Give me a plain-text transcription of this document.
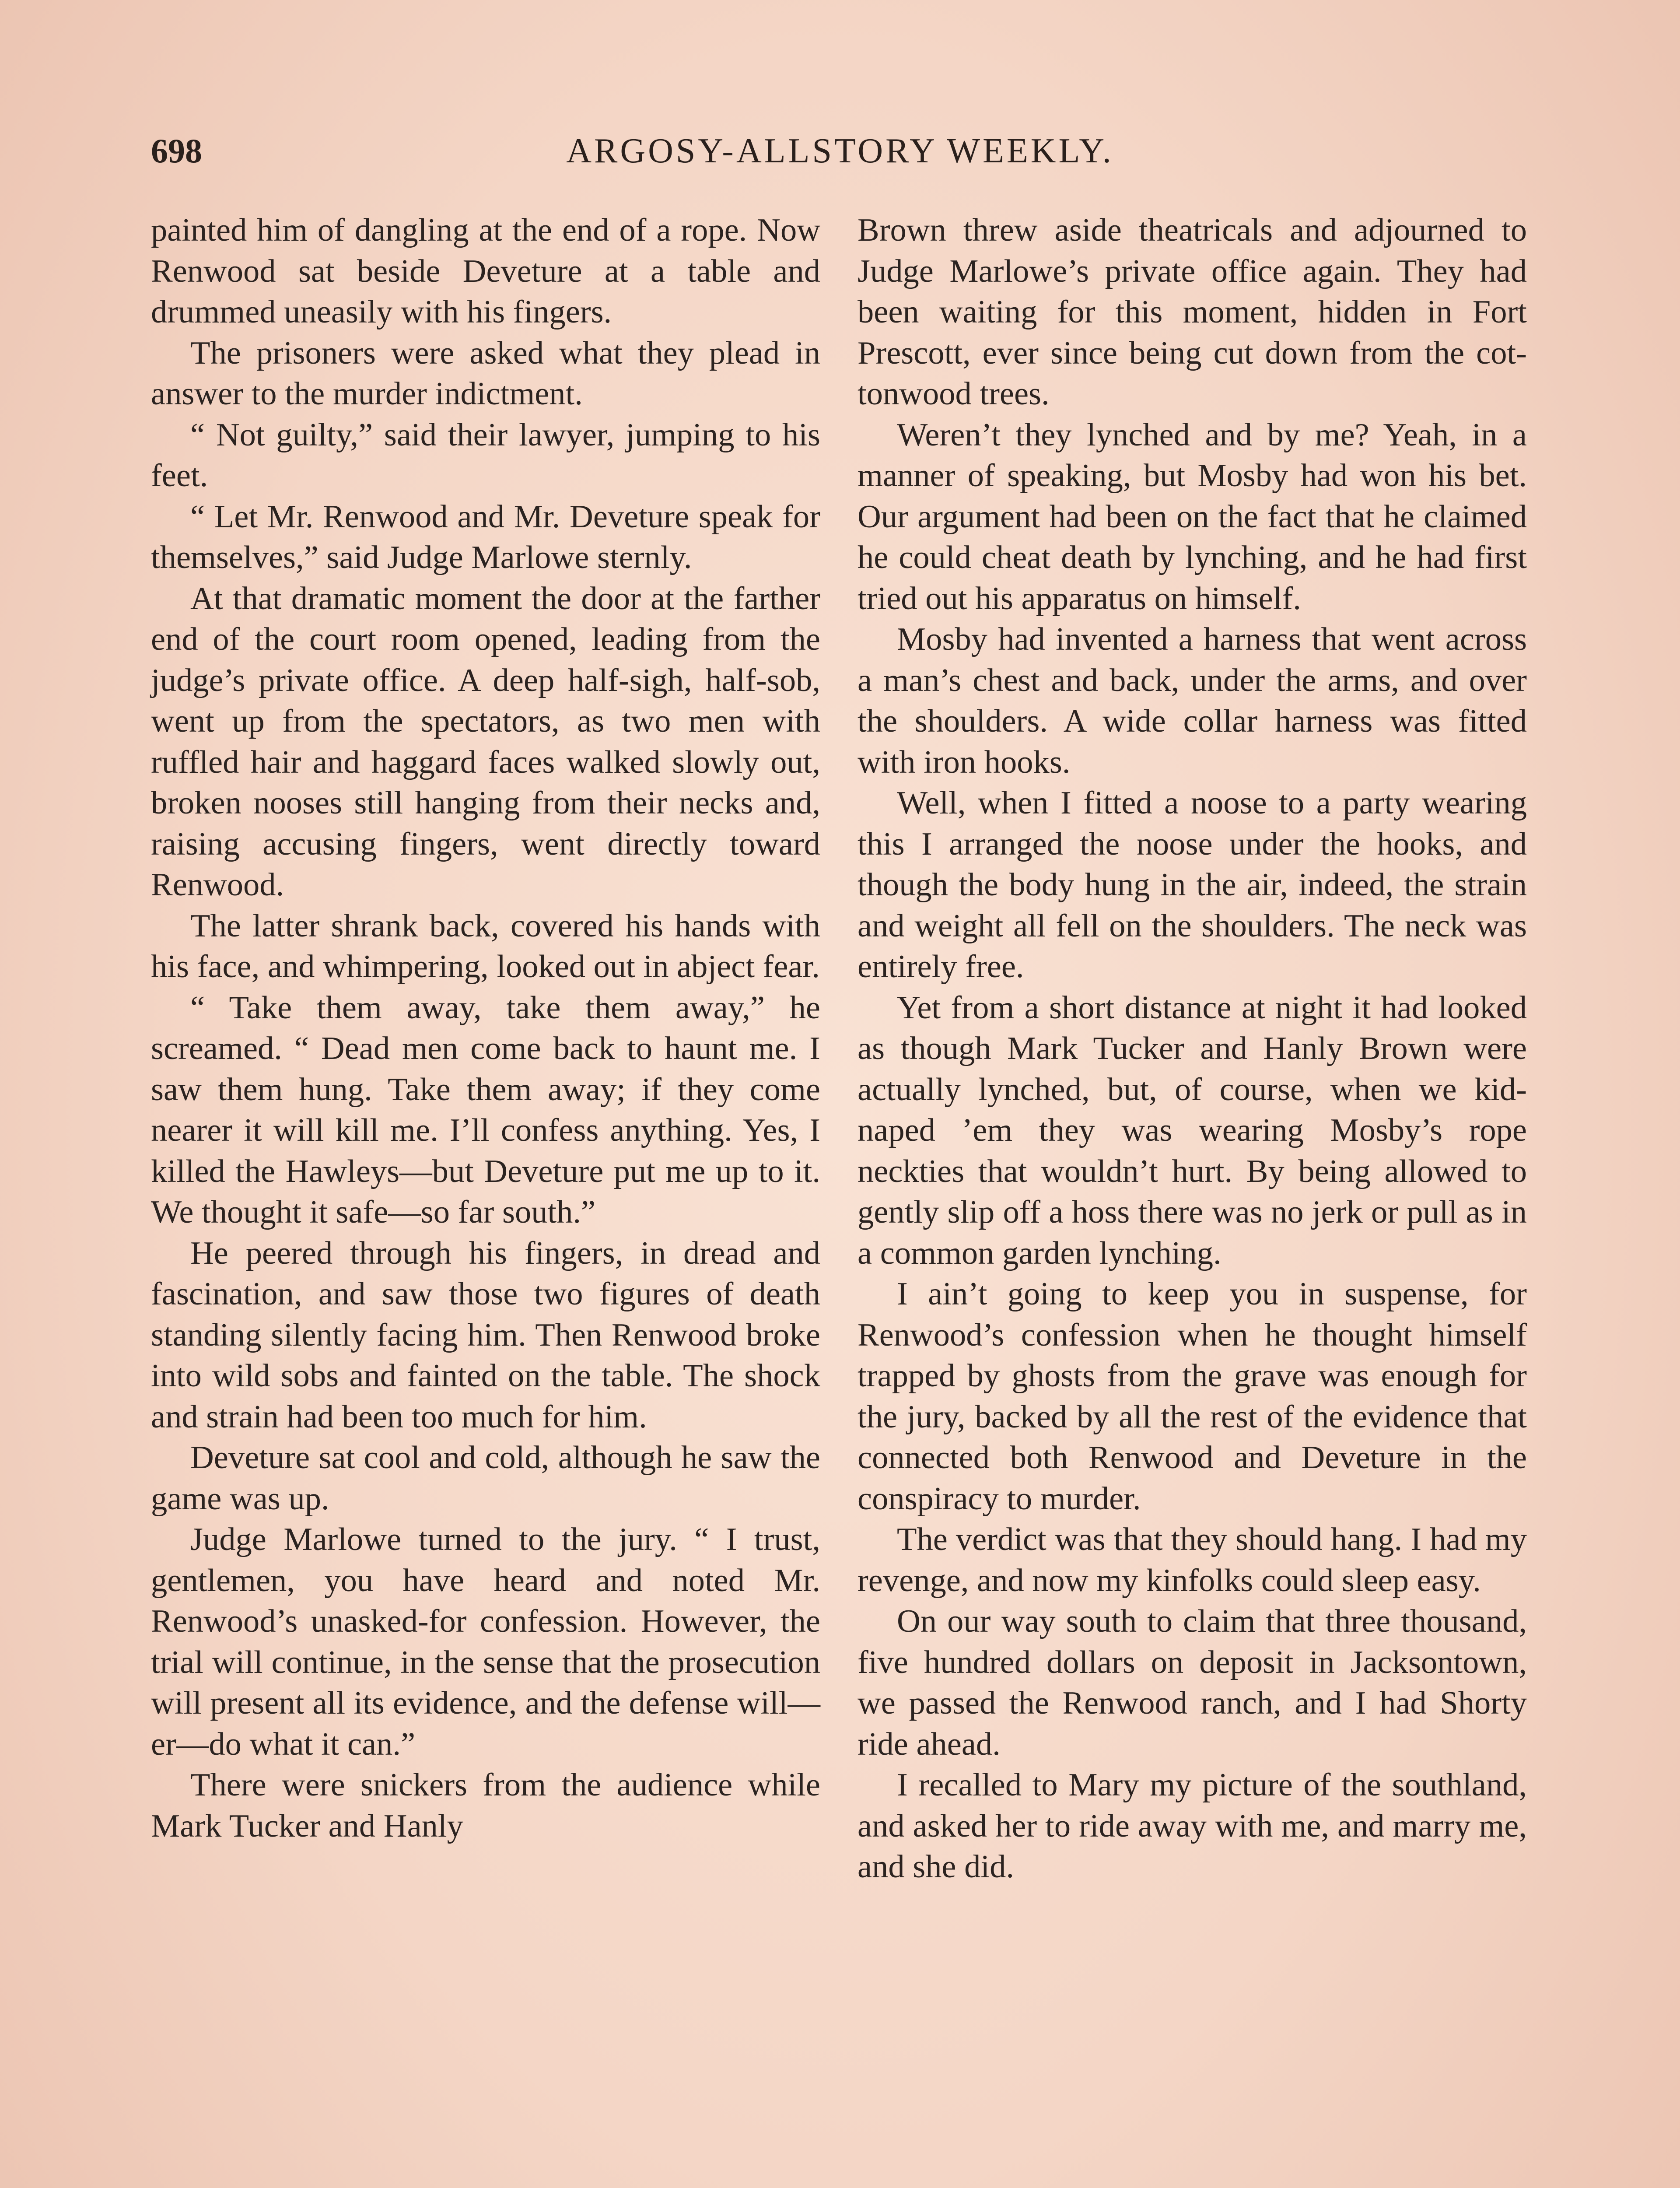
698	ARGOSY-ALLSTORY WEEKLY.

painted him of dangling at the end of a rope. Now Renwood sat beside Deveture at a table and drummed uneasily with his fingers.

The prisoners were asked what they plead in answer to the murder indictment.

“ Not guilty,” said their lawyer, jumping to his feet.

“ Let Mr. Renwood and Mr. Deveture speak for themselves,” said Judge Marlowe sternly.

At that dramatic moment the door at the farther end of the court room opened, leading from the judge’s private office. A deep half-sigh, half-sob, went up from the spectators, as two men with ruffled hair and haggard faces walked slowly out, broken nooses still hanging from their necks and, raising accusing fingers, went directly toward Renwood.

The latter shrank back, covered his hands with his face, and whimpering, looked out in abject fear.

“ Take them away, take them away,” he screamed. “ Dead men come back to haunt me. I saw them hung. Take them away; if they come nearer it will kill me. I’ll confess anything. Yes, I killed the Hawleys—but Deveture put me up to it. We thought it safe—so far south.”

He peered through his fingers, in dread and fascination, and saw those two figures of death standing silently facing him. Then Renwood broke into wild sobs and fainted on the table. The shock and strain had been too much for him.

Deveture sat cool and cold, although he saw the game was up.

Judge Marlowe turned to the jury. “ I trust, gentlemen, you have heard and noted Mr. Renwood’s unasked-for confession. However, the trial will continue, in the sense that the prosecution will present all its evidence, and the defense will—er—do what it can.”

There were snickers from the audience while Mark Tucker and Hanly

Brown threw aside theatricals and adjourned to Judge Marlowe’s private office again. They had been waiting for this moment, hidden in Fort Prescott, ever since being cut down from the cottonwood trees.

Weren’t they lynched and by me? Yeah, in a manner of speaking, but Mosby had won his bet. Our argument had been on the fact that he claimed he could cheat death by lynching, and he had first tried out his apparatus on himself.

Mosby had invented a harness that went across a man’s chest and back, under the arms, and over the shoulders. A wide collar harness was fitted with iron hooks.

Well, when I fitted a noose to a party wearing this I arranged the noose under the hooks, and though the body hung in the air, indeed, the strain and weight all fell on the shoulders. The neck was entirely free.

Yet from a short distance at night it had looked as though Mark Tucker and Hanly Brown were actually lynched, but, of course, when we kidnaped ’em they was wearing Mosby’s rope neckties that wouldn’t hurt. By being allowed to gently slip off a hoss there was no jerk or pull as in a common garden lynching.

I ain’t going to keep you in suspense, for Renwood’s confession when he thought himself trapped by ghosts from the grave was enough for the jury, backed by all the rest of the evidence that connected both Renwood and Deveture in the conspiracy to murder.

The verdict was that they should hang. I had my revenge, and now my kinfolks could sleep easy.

On our way south to claim that three thousand, five hundred dollars on deposit in Jacksontown, we passed the Renwood ranch, and I had Shorty ride ahead.

I recalled to Mary my picture of the southland, and asked her to ride away with me, and marry me, and she did.
